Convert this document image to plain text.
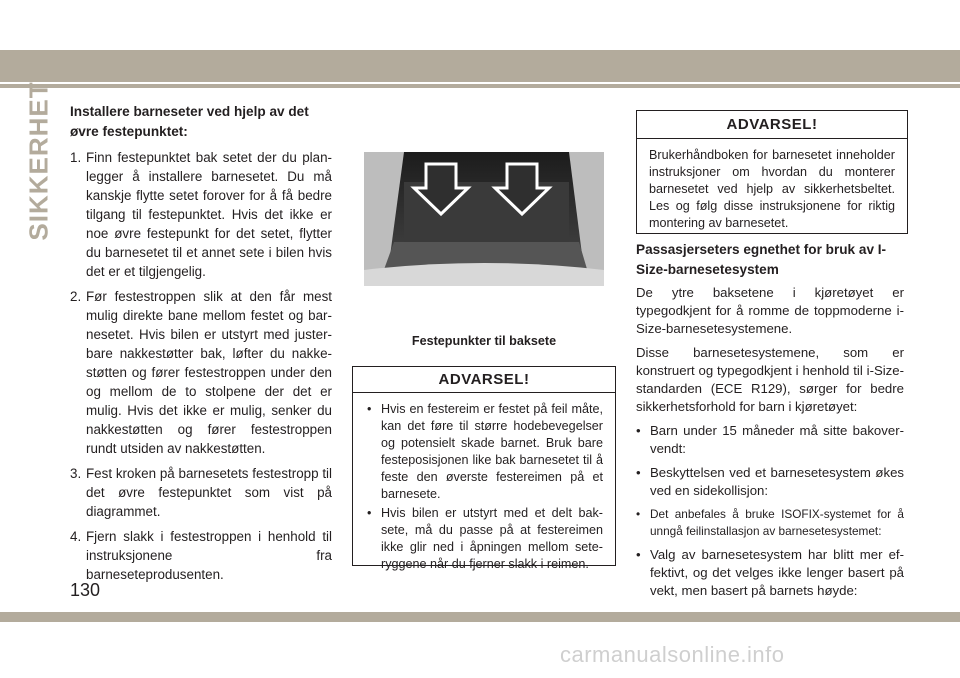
SIKKERHET Installere barneseter ved hjelp av det øvre festepunktet:
1. Finn festepunktet bak setet der du planlegger å installere barnesetet. Du må kanskje flytte setet forover for å få bedre tilgang til festepunktet. Hvis det ikke er noe øvre festepunkt for det setet, flytter du barnesetet til et annet sete i bilen hvis det er et tilgjengelig.
2. Før festestroppen slik at den får mest mulig direkte bane mellom festet og barnesetet. Hvis bilen er utstyrt med justerbare nakkestøtter bak, løfter du nakkestøtten og fører festestroppen under den og mellom de to stolpene der det er mulig. Hvis det ikke er mulig, senker du nakkestøtten og fører festestroppen rundt utsiden av nakkestøtten.
3. Fest kroken på barnesetets festestropp til det øvre festepunktet som vist på diagrammet.
4. Fjern slakk i festestroppen i henhold til instruksjonene fra barneseteprodusenten.
Festepunkter til baksete
ADVARSEL!
• Hvis en festereim er festet på feil måte, kan det føre til større hodebevegelser og potensielt skade barnet. Bruk bare festeposisjonen like bak barnesetet til å feste den øverste festereimen på et barnesete.
• Hvis bilen er utstyrt med et delt baksete, må du passe på at festereimen ikke glir ned i åpningen mellom seteryggene når du fjerner slakk i reimen.
ADVARSEL!
Brukerhåndboken for barnesetet inneholder instruksjoner om hvordan du monterer barnesetet ved hjelp av sikkerhetsbeltet. Les og følg disse instruksjonene for riktig montering av barnesetet.
Passasjerseters egnethet for bruk av I-Size-barnesetesystem

De ytre baksetene i kjøretøyet er typegodkjent for å romme de toppmoderne i-Size-barnesetesystemene.

Disse barnesetesystemene, som er konstruert og typegodkjent i henhold til i-Size-standarden (ECE R129), sørger for bedre sikkerhetsforhold for barn i kjøretøyet:

• Barn under 15 måneder må sitte bakovervendt:
• Beskyttelsen ved et barnesetesystem økes ved en sidekollisjon:
• Det anbefales å bruke ISOFIX-systemet for å unngå feilinstallasjon av barnesetesystemet:
• Valg av barnesetesystem har blitt mer effektivt, og det velges ikke lenger basert på vekt, men basert på barnets høyde:
130
carmanualsonline.info
